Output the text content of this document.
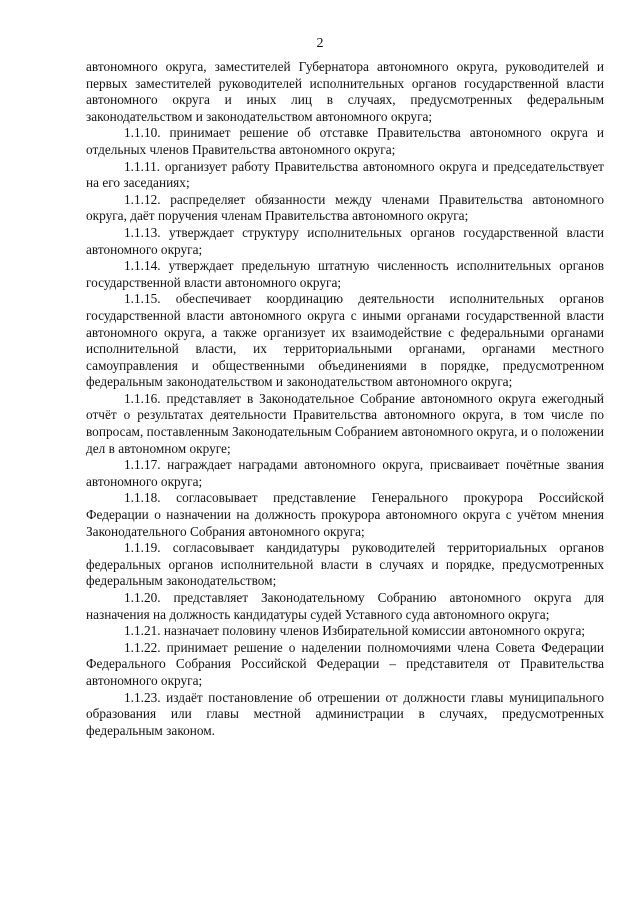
2

автономного округа, заместителей Губернатора автономного округа, руководителей и первых заместителей руководителей исполнительных органов государственной власти автономного округа и иных лиц в случаях, предусмотренных федеральным законодательством и законодательством автономного округа;

1.1.10. принимает решение об отставке Правительства автономного округа и отдельных членов Правительства автономного округа;

1.1.11. организует работу Правительства автономного округа и председательствует на его заседаниях;

1.1.12. распределяет обязанности между членами Правительства автономного округа, даёт поручения членам Правительства автономного округа;

1.1.13. утверждает структуру исполнительных органов государственной власти автономного округа;

1.1.14. утверждает предельную штатную численность исполнительных органов государственной власти автономного округа;

1.1.15. обеспечивает координацию деятельности исполнительных органов государственной власти автономного округа с иными органами государственной власти автономного округа, а также организует их взаимодействие с федеральными органами исполнительной власти, их территориальными органами, органами местного самоуправления и общественными объединениями в порядке, предусмотренном федеральным законодательством и законодательством автономного округа;

1.1.16. представляет в Законодательное Собрание автономного округа ежегодный отчёт о результатах деятельности Правительства автономного округа, в том числе по вопросам, поставленным Законодательным Собранием автономного округа, и о положении дел в автономном округе;

1.1.17. награждает наградами автономного округа, присваивает почётные звания автономного округа;

1.1.18. согласовывает представление Генерального прокурора Российской Федерации о назначении на должность прокурора автономного округа с учётом мнения Законодательного Собрания автономного округа;

1.1.19. согласовывает кандидатуры руководителей территориальных органов федеральных органов исполнительной власти в случаях и порядке, предусмотренных федеральным законодательством;

1.1.20. представляет Законодательному Собранию автономного округа для назначения на должность кандидатуры судей Уставного суда автономного округа;

1.1.21. назначает половину членов Избирательной комиссии автономного округа;

1.1.22. принимает решение о наделении полномочиями члена Совета Федерации Федерального Собрания Российской Федерации – представителя от Правительства автономного округа;

1.1.23. издаёт постановление об отрешении от должности главы муниципального образования или главы местной администрации в случаях, предусмотренных федеральным законом.
